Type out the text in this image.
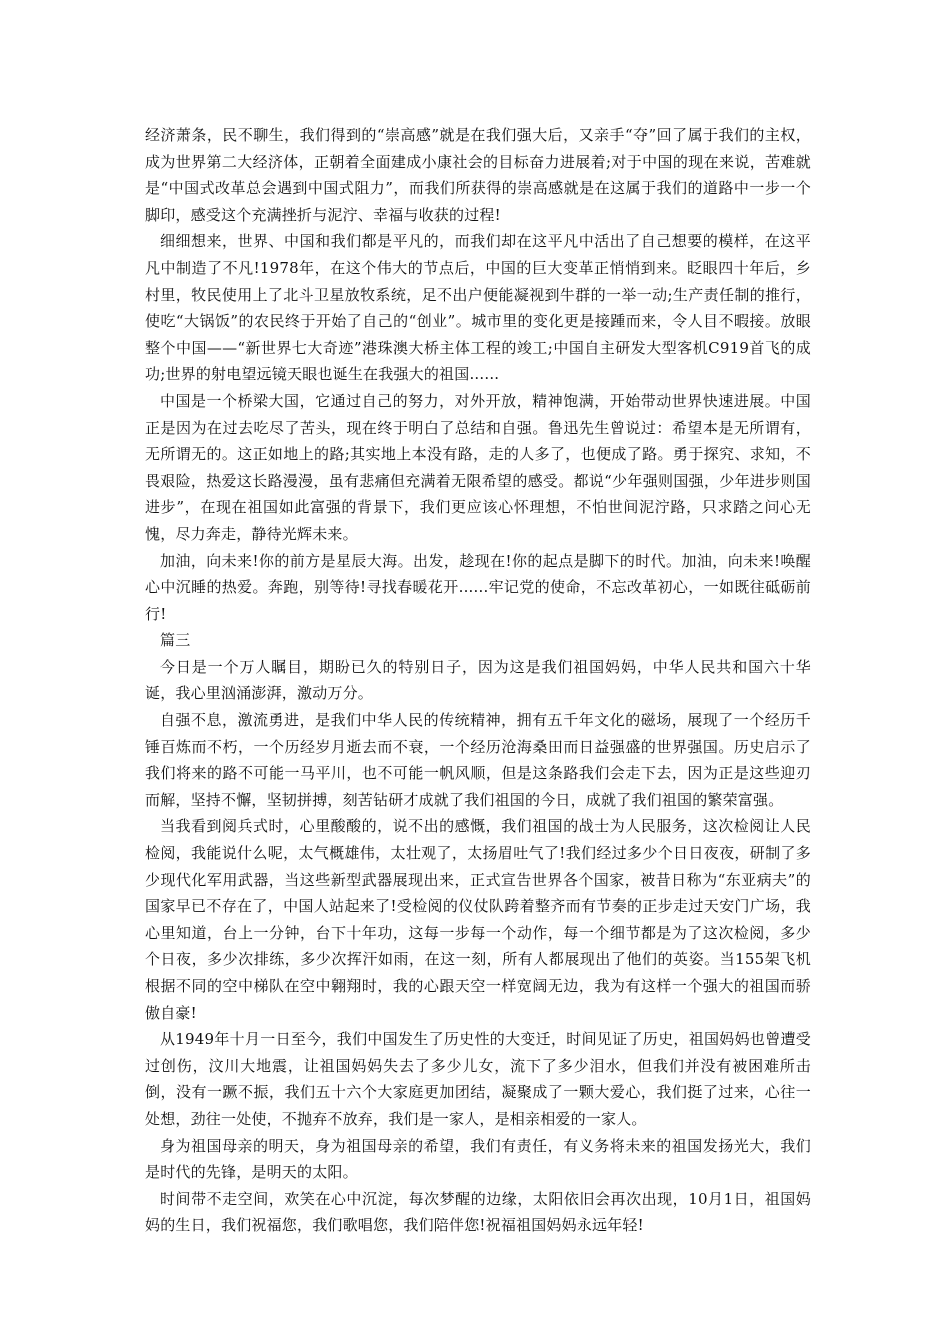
经济萧条，民不聊生，我们得到的“崇高感”就是在我们强大后，又亲手“夺”回了属于我们的主权，成为世界第二大经济体，正朝着全面建成小康社会的目标奋力进展着;对于中国的现在来说，苦难就是“中国式改革总会遇到中国式阻力”，而我们所获得的崇高感就是在这属于我们的道路中一步一个脚印，感受这个充满挫折与泥泞、幸福与收获的过程!

细细想来，世界、中国和我们都是平凡的，而我们却在这平凡中活出了自己想要的模样，在这平凡中制造了不凡!1978年，在这个伟大的节点后，中国的巨大变革正悄悄到来。眨眼四十年后，乡村里，牧民使用上了北斗卫星放牧系统，足不出户便能凝视到牛群的一举一动;生产责任制的推行，使吃“大锅饭”的农民终于开始了自己的“创业”。城市里的变化更是接踵而来，令人目不暇接。放眼整个中国——“新世界七大奇迹”港珠澳大桥主体工程的竣工;中国自主研发大型客机C919首飞的成功;世界的射电望远镜天眼也诞生在我强大的祖国......

中国是一个桥梁大国，它通过自己的努力，对外开放，精神饱满，开始带动世界快速进展。中国正是因为在过去吃尽了苦头，现在终于明白了总结和自强。鲁迅先生曾说过：希望本是无所谓有，无所谓无的。这正如地上的路;其实地上本没有路，走的人多了，也便成了路。勇于探究、求知，不畏艰险，热爱这长路漫漫，虽有悲痛但充满着无限希望的感受。都说“少年强则国强，少年进步则国进步”，在现在祖国如此富强的背景下，我们更应该心怀理想，不怕世间泥泞路，只求踏之问心无愧，尽力奔走，静待光辉未来。

加油，向未来!你的前方是星辰大海。出发，趁现在!你的起点是脚下的时代。加油，向未来!唤醒心中沉睡的热爱。奔跑，别等待!寻找春暖花开......牢记党的使命，不忘改革初心，一如既往砥砺前行!

篇三

今日是一个万人瞩目，期盼已久的特别日子，因为这是我们祖国妈妈，中华人民共和国六十华诞，我心里汹涌澎湃，激动万分。

自强不息，激流勇进，是我们中华人民的传统精神，拥有五千年文化的磁场，展现了一个经历千锤百炼而不朽，一个历经岁月逝去而不衰，一个经历沧海桑田而日益强盛的世界强国。历史启示了我们将来的路不可能一马平川，也不可能一帆风顺，但是这条路我们会走下去，因为正是这些迎刃而解，坚持不懈，坚韧拼搏，刻苦钻研才成就了我们祖国的今日，成就了我们祖国的繁荣富强。

当我看到阅兵式时，心里酸酸的，说不出的感慨，我们祖国的战士为人民服务，这次检阅让人民检阅，我能说什么呢，太气概雄伟，太壮观了，太扬眉吐气了!我们经过多少个日日夜夜，研制了多少现代化军用武器，当这些新型武器展现出来，正式宣告世界各个国家，被昔日称为“东亚病夫”的国家早已不存在了，中国人站起来了!受检阅的仪仗队跨着整齐而有节奏的正步走过天安门广场，我心里知道，台上一分钟，台下十年功，这每一步每一个动作，每一个细节都是为了这次检阅，多少个日夜，多少次排练，多少次挥汗如雨，在这一刻，所有人都展现出了他们的英姿。当155架飞机根据不同的空中梯队在空中翱翔时，我的心跟天空一样宽阔无边，我为有这样一个强大的祖国而骄傲自豪!

从1949年十月一日至今，我们中国发生了历史性的大变迁，时间见证了历史，祖国妈妈也曾遭受过创伤，汶川大地震，让祖国妈妈失去了多少儿女，流下了多少泪水，但我们并没有被困难所击倒，没有一蹶不振，我们五十六个大家庭更加团结，凝聚成了一颗大爱心，我们挺了过来，心往一处想，劲往一处使，不抛弃不放弃，我们是一家人，是相亲相爱的一家人。

身为祖国母亲的明天，身为祖国母亲的希望，我们有责任，有义务将未来的祖国发扬光大，我们是时代的先锋，是明天的太阳。

时间带不走空间，欢笑在心中沉淀，每次梦醒的边缘，太阳依旧会再次出现，10月1日，祖国妈妈的生日，我们祝福您，我们歌唱您，我们陪伴您!祝福祖国妈妈永远年轻!
